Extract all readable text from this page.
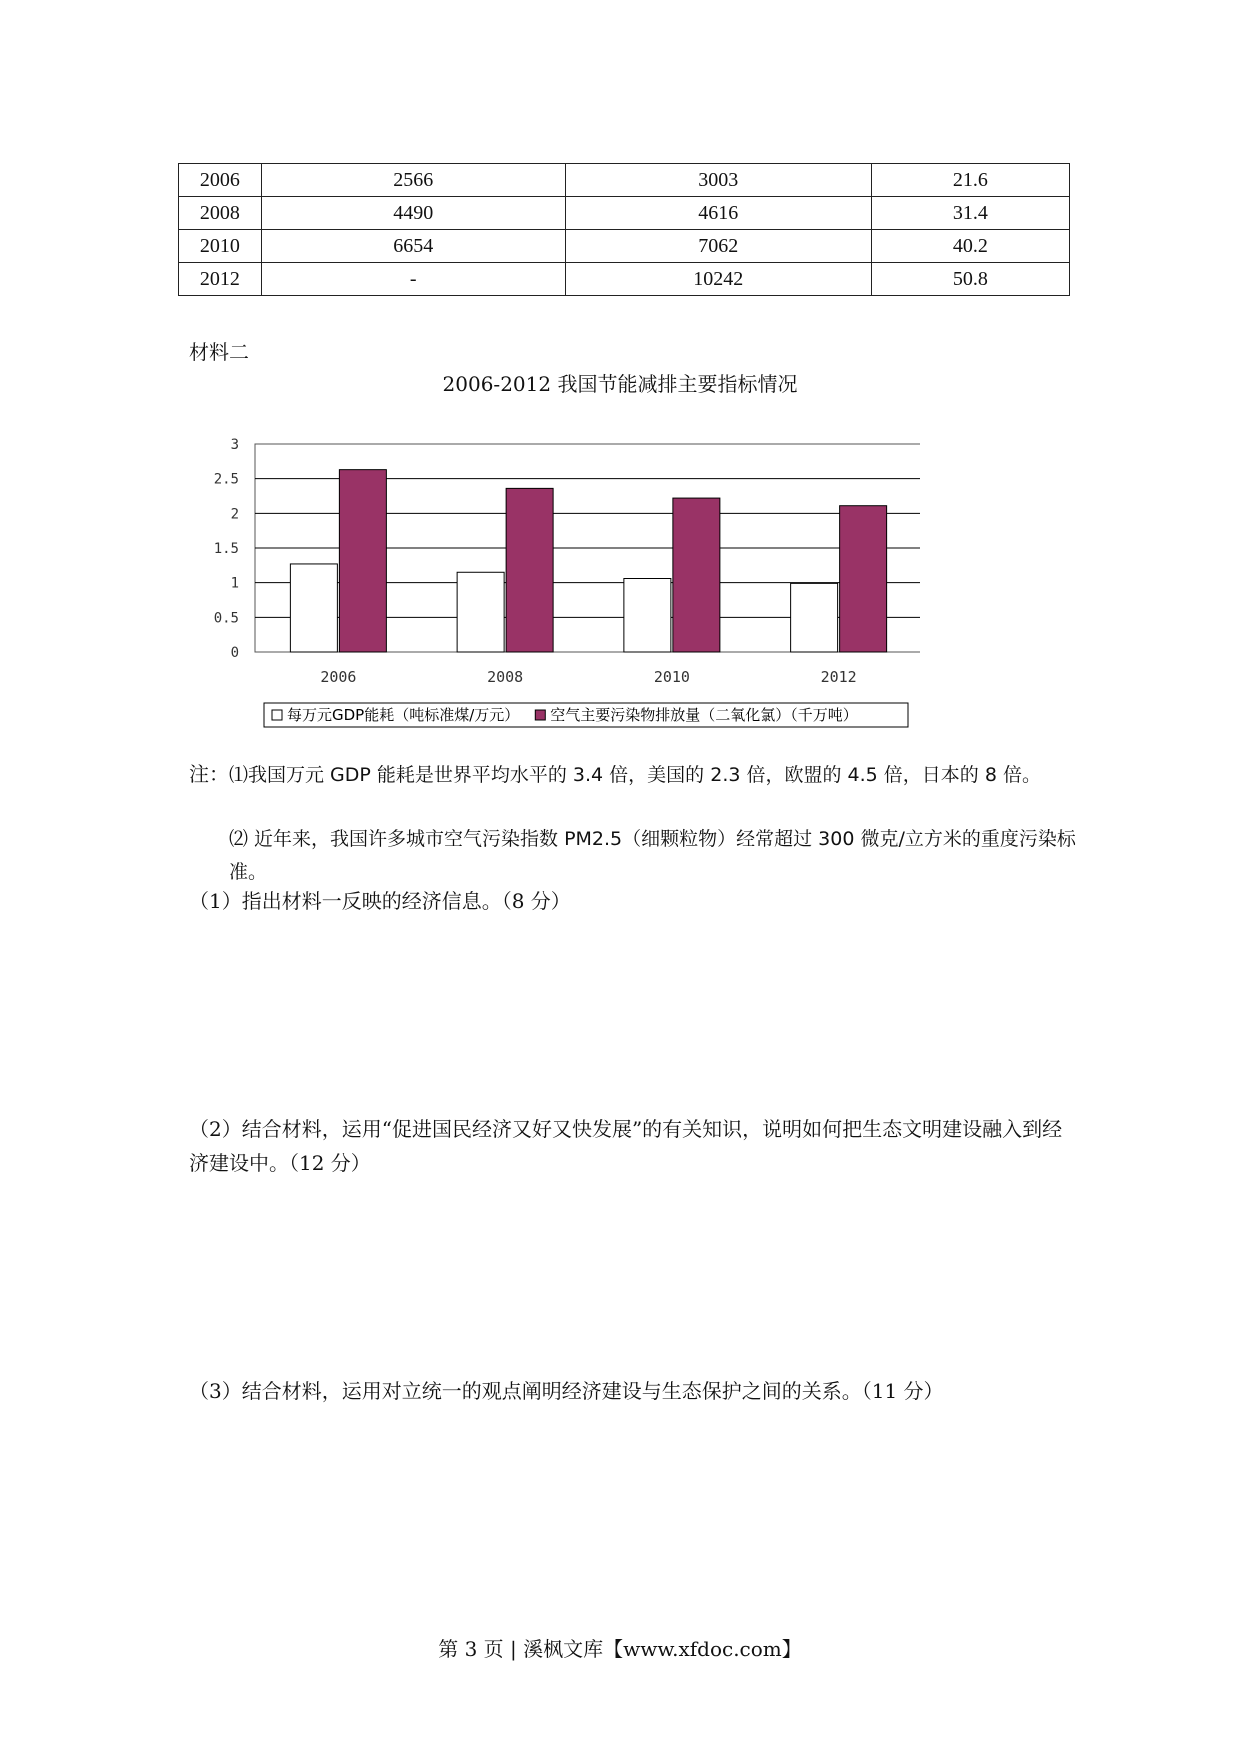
2006	2566	3003	21.6
2008	4490	4616	31.4
2010	6654	7062	40.2
2012	-	10242	50.8
材料二
2006-2012 我国节能减排主要指标情况
0
0.5
1
1.5
2
2.5
3
2006	2008	2010	2012
每万元GDP能耗（吨标准煤/万元） 空气主要污染物排放量（二氧化氯）（千万吨）
注：⑴我国万元 GDP 能耗是世界平均水平的 3.4 倍，美国的 2.3 倍，欧盟的 4.5 倍，日本的 8 倍。
⑵ 近年来，我国许多城市空气污染指数 PM2.5（细颗粒物）经常超过 300 微克/立方米的重度污染标准。
（1）指出材料一反映的经济信息。（8 分）
（2）结合材料，运用“促进国民经济又好又快发展”的有关知识，说明如何把生态文明建设融入到经济建设中。（12 分）
（3）结合材料，运用对立统一的观点阐明经济建设与生态保护之间的关系。（11 分）
第 3 页 | 溪枫文库【www.xfdoc.com】
